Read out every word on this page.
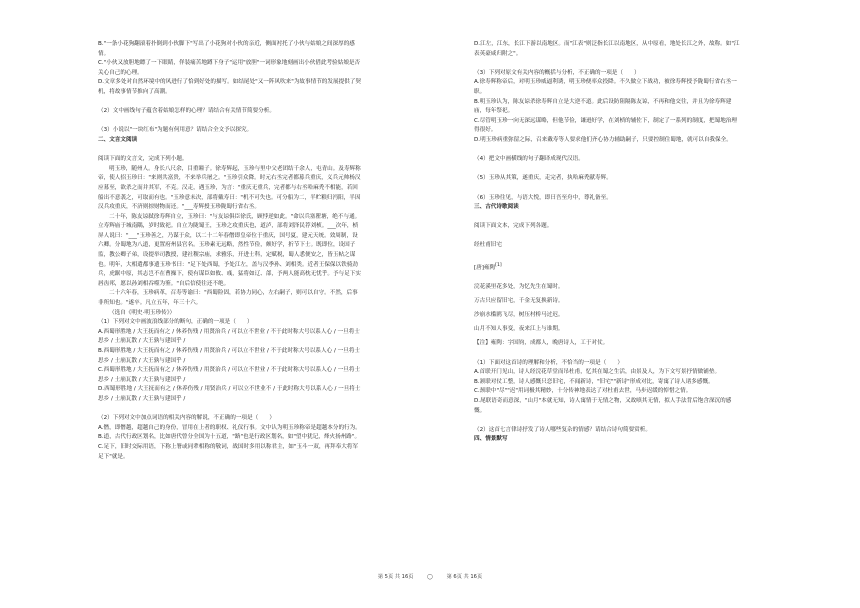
B."一条小花狗翻滚着扑倒到小伙脚下"写出了小花狗对小伙的亲近，侧面衬托了小伙与姑娘之间深厚的感

情。

C."小伙又放胆地瞟了一下眼睛，佯装痛苦地蹲下身子"运用"放胆"一词形象地刻画出小伙借此考验姑娘是否

关心自己的心理。

D.文章多处对自然环境中的风进行了恰到好处的描写。如结尾处"又一阵风吹来"为故事情节的发展提供了契

机，将故事情节推向了高潮。

（2）文中画线句子蕴含着姑娘怎样的心理？请结合有关情节简要分析。

（3）小说以"一块红布"为题有何用意？请结合全文予以探究。

二、文言文阅读

阅读下面的文言文，完成下列小题。

明玉珍，随州人。身长八尺余，目重瞳子。徐寿辉起，玉珍与里中父老团结千余人，屯青山。及寿辉称

帝，使人招玉珍曰："来则共富贵，不来举兵屠之。"玉珍引众降。时元右丞完者都募兵重庆，义兵元帅杨汉

应募至，欲杀之而并其军，不克。汉走，遇玉珍，为言："重庆无重兵，完者都与右丞哈麻秃不相能，若回

船出不意袭之，可取而有也。"玉珍意未决，部将戴寿曰："机不可失也。可分船为二，半贮粮归沔阳，半因

汉兵攻重庆，不济则掠财物而还。"___寿辉授玉珍陇蜀行省右丞。

二十年，陈友谅弑徐寿辉自立，玉珍曰："与友谅俱臣徐氏，顾悖逆如此。"命以兵塞瞿塘，绝不与通。

立寿辉庙于城南隅，岁时致祀。自立为陇蜀王，玉珍之攻重庆也，道泸，部将刘泽民荐刘桢。___次年，桢

屏人说曰："___"玉珍善之，乃谋于众，以二十二年春僭即皇帝位于重庆，国号夏，建元天统。效周制，设

六卿。分蜀地为八道，更置府州县官名。玉珍素无远略，然性节俭，颇好学，折节下士。既即位，设国子

监，教公卿子弟，设提举司教授，建社稷宗庙，求雅乐，开进士科，定赋税，蜀人悉便安之，皆玉帖之谋

也。明年，大相遣都事遗玉珍书曰："足下处西蜀，予处江左，盖与汉季孙、刘相类。近者王保保以铁骑劲

兵，虎踞中原，其志岂不在曹操下，使有谋臣如攸、彧，猛将如辽、郃，予两人能高枕无忧乎。予与足下实

唇齿邦，愿以孙刘相吞噬为鉴。"自后信使往还不绝。

二十六年春，玉珍病革，召寿等谕曰："西蜀险固，若协力同心，左右嗣子，则可以自守。不然，后事

非所知也。"遂卒。凡立五年，年三十六。

（选自《明史·明玉珍传》）

（1）下列对文中画波浪线部分的断句，正确的一项是（　　）

A.西蜀形胜地 / 大王抚而有之 / 休养伤残 / 用贤治兵 / 可以立不世业 / 不于此时称大号以系人心 / 一旦将士

思乡 / 土崩瓦散 / 大王孰与建国乎 /

B.西蜀形胜地 / 大王抚而有之 / 休养伤残 / 用贤治兵 / 可以立不世业 / 不于此时称大号以系人心 / 一旦将士

思乡 / 土崩瓦散 / 大王孰与建国乎 /

C.西蜀形胜地 / 大王抚而有之 / 休养伤残 / 用贤治兵 / 可以立不世业 / 不于此时称大号以系人心 / 一旦将士

思乡 / 土崩瓦散 / 大王孰与建国乎 /

D.西蜀形胜地 / 大王抚而有之 / 休养伤残 / 用贤治兵 / 可以立不世业不 / 于此时称大号以系人心 / 一旦将士

思乡 / 土崩瓦散 / 大王孰与建国乎 /

（2）下列对文中加点词语的相关内容的解说，不正确的一项是（　　）

A.僭，即僭越，超越自己的身份，冒用在上者的职权、礼仪行事。文中认为明玉珍称帝是超越本分的行为。

B.道，古代行政区划名，比如唐代曾分全国为十五道，"路"也是行政区划名，如"望中犹记，烽火扬州路"。

C.足下，旧时交际用语，下称上署或同辈相称的敬词，战国时多用以称君主，如"玉斗一双，再拜奉大将军

足下"就是。

D.江左，江东，长江下游以南地区。而"江表"则泛指长江以南地区，从中原看，地处长江之外，故称。如"江

表英豪咸归附之"。

（3）下列对原文有关内容的概括与分析，不正确的一项是（　　）

A.徐寿辉称帝后，对明玉珍威逼利诱，明玉珍便率众投降。不久做立下战功，被徐寿辉授予陇蜀行省右丞一

职。

B.明玉珍认为，陈友谅杀徐寿辉自立是大逆不道。此后设防阻隔陈友谅，不再和他交往，并且为徐寿辉建

庙，每年祭祀。

C.尽管明玉珍一向无深远谋略，但他节俭，谦逊好学，在刘桢的辅佐下，制定了一系列的制度，把蜀地治理

得很好。

D.明玉珍病重弥留之际，召来戴寿等人要求他们齐心协力辅助嗣子，只要控制住蜀地，就可以自我保全。

（4）把文中画横线的句子翻译成现代汉语。

（5）玉珍从其策，遂重庆，走完者，执哈麻秃献寿辉。

（6）玉珍往见，与语大悦，即曰吾至舟中，尊礼备至。

三、古代诗歌阅读

阅读下面文本，完成下列各题。

经杜甫旧宅

[唐]雍陶[1]

浣花溪里花多处，为忆先生在蜀时。

万古只应留旧宅，千金无复换新诗。

沙崩水槛鸥飞尽，树压村桥马过迟。

山月不知人事变，夜来江上与谁期。

【注】雍陶：字国钧，成都人，晚唐诗人，工于对仗。

（1）下面对这首诗的理解和分析，不恰当的一项是（　　）

A.首联开门见山，诗人经浣花草堂而吊杜甫，忆其在蜀之生活，由景及人，为下文写景抒情做铺垫。

B.颔联对仗工整，诗人感慨只恋旧宅，不闻新诗，"旧宅""新诗"形成对比，寄寓了诗人诸多感慨。

C.颈联中"尽""迟"用词极其精妙，十分传神地表达了对杜甫去世，马步迟缓的悼惜之情。

D.尾联语奇而意深，"山月"本就无知，诗人寓情于无情之物，又故嗔其无情，拟人手法背后饱含深沉的感

慨。

（2）这首七言律诗抒发了诗人哪些复杂的情感？请结合诗句简要赏析。

四、情景默写

第 5页 共 16页	◯	第 6页 共 16页
